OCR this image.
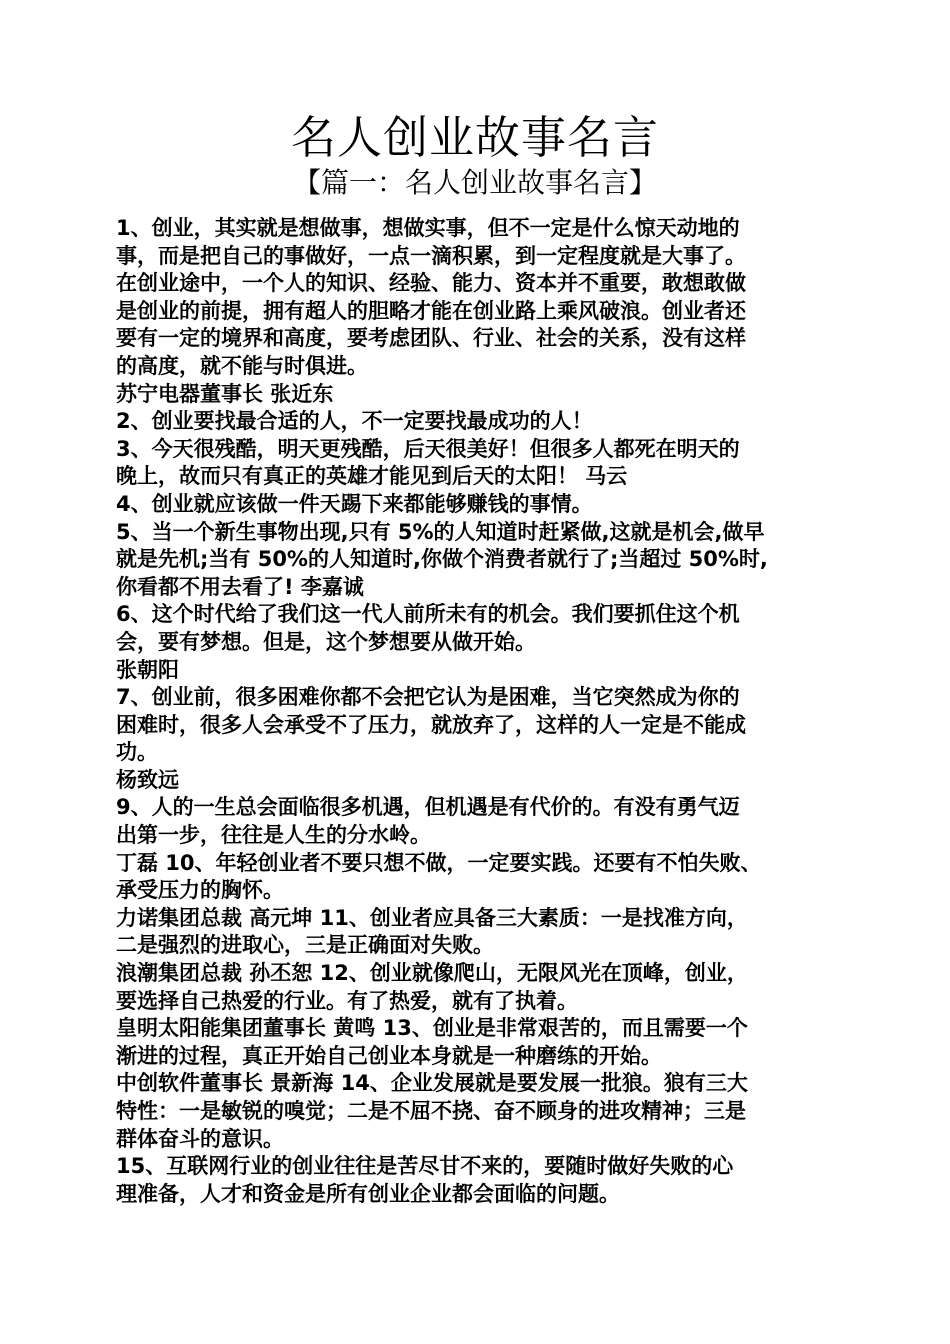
名人创业故事名言
【篇一：名人创业故事名言】
1、创业，其实就是想做事，想做实事，但不一定是什么惊天动地的
事，而是把自己的事做好，一点一滴积累，到一定程度就是大事了。
在创业途中，一个人的知识、经验、能力、资本并不重要，敢想敢做
是创业的前提，拥有超人的胆略才能在创业路上乘风破浪。创业者还
要有一定的境界和高度，要考虑团队、行业、社会的关系，没有这样
的高度，就不能与时俱进。
苏宁电器董事长 张近东
2、创业要找最合适的人，不一定要找最成功的人！
3、今天很残酷，明天更残酷，后天很美好！但很多人都死在明天的
晚上，故而只有真正的英雄才能见到后天的太阳！ 马云
4、创业就应该做一件天踢下来都能够赚钱的事情。
5、当一个新生事物出现,只有 5%的人知道时赶紧做,这就是机会,做早
就是先机;当有 50%的人知道时,你做个消费者就行了;当超过 50%时,
你看都不用去看了! 李嘉诚
6、这个时代给了我们这一代人前所未有的机会。我们要抓住这个机
会，要有梦想。但是，这个梦想要从做开始。
张朝阳
7、创业前，很多困难你都不会把它认为是困难，当它突然成为你的
困难时，很多人会承受不了压力，就放弃了，这样的人一定是不能成
功。
杨致远
9、人的一生总会面临很多机遇，但机遇是有代价的。有没有勇气迈
出第一步，往往是人生的分水岭。
丁磊 10、年轻创业者不要只想不做，一定要实践。还要有不怕失败、
承受压力的胸怀。
力诺集团总裁 高元坤 11、创业者应具备三大素质：一是找准方向，
二是强烈的进取心，三是正确面对失败。
浪潮集团总裁 孙丕恕 12、创业就像爬山，无限风光在顶峰，创业，
要选择自己热爱的行业。有了热爱，就有了执着。
皇明太阳能集团董事长 黄鸣 13、创业是非常艰苦的，而且需要一个
渐进的过程，真正开始自己创业本身就是一种磨练的开始。
中创软件董事长 景新海 14、企业发展就是要发展一批狼。狼有三大
特性：一是敏锐的嗅觉；二是不屈不挠、奋不顾身的进攻精神；三是
群体奋斗的意识。
15、互联网行业的创业往往是苦尽甘不来的，要随时做好失败的心
理准备，人才和资金是所有创业企业都会面临的问题。
